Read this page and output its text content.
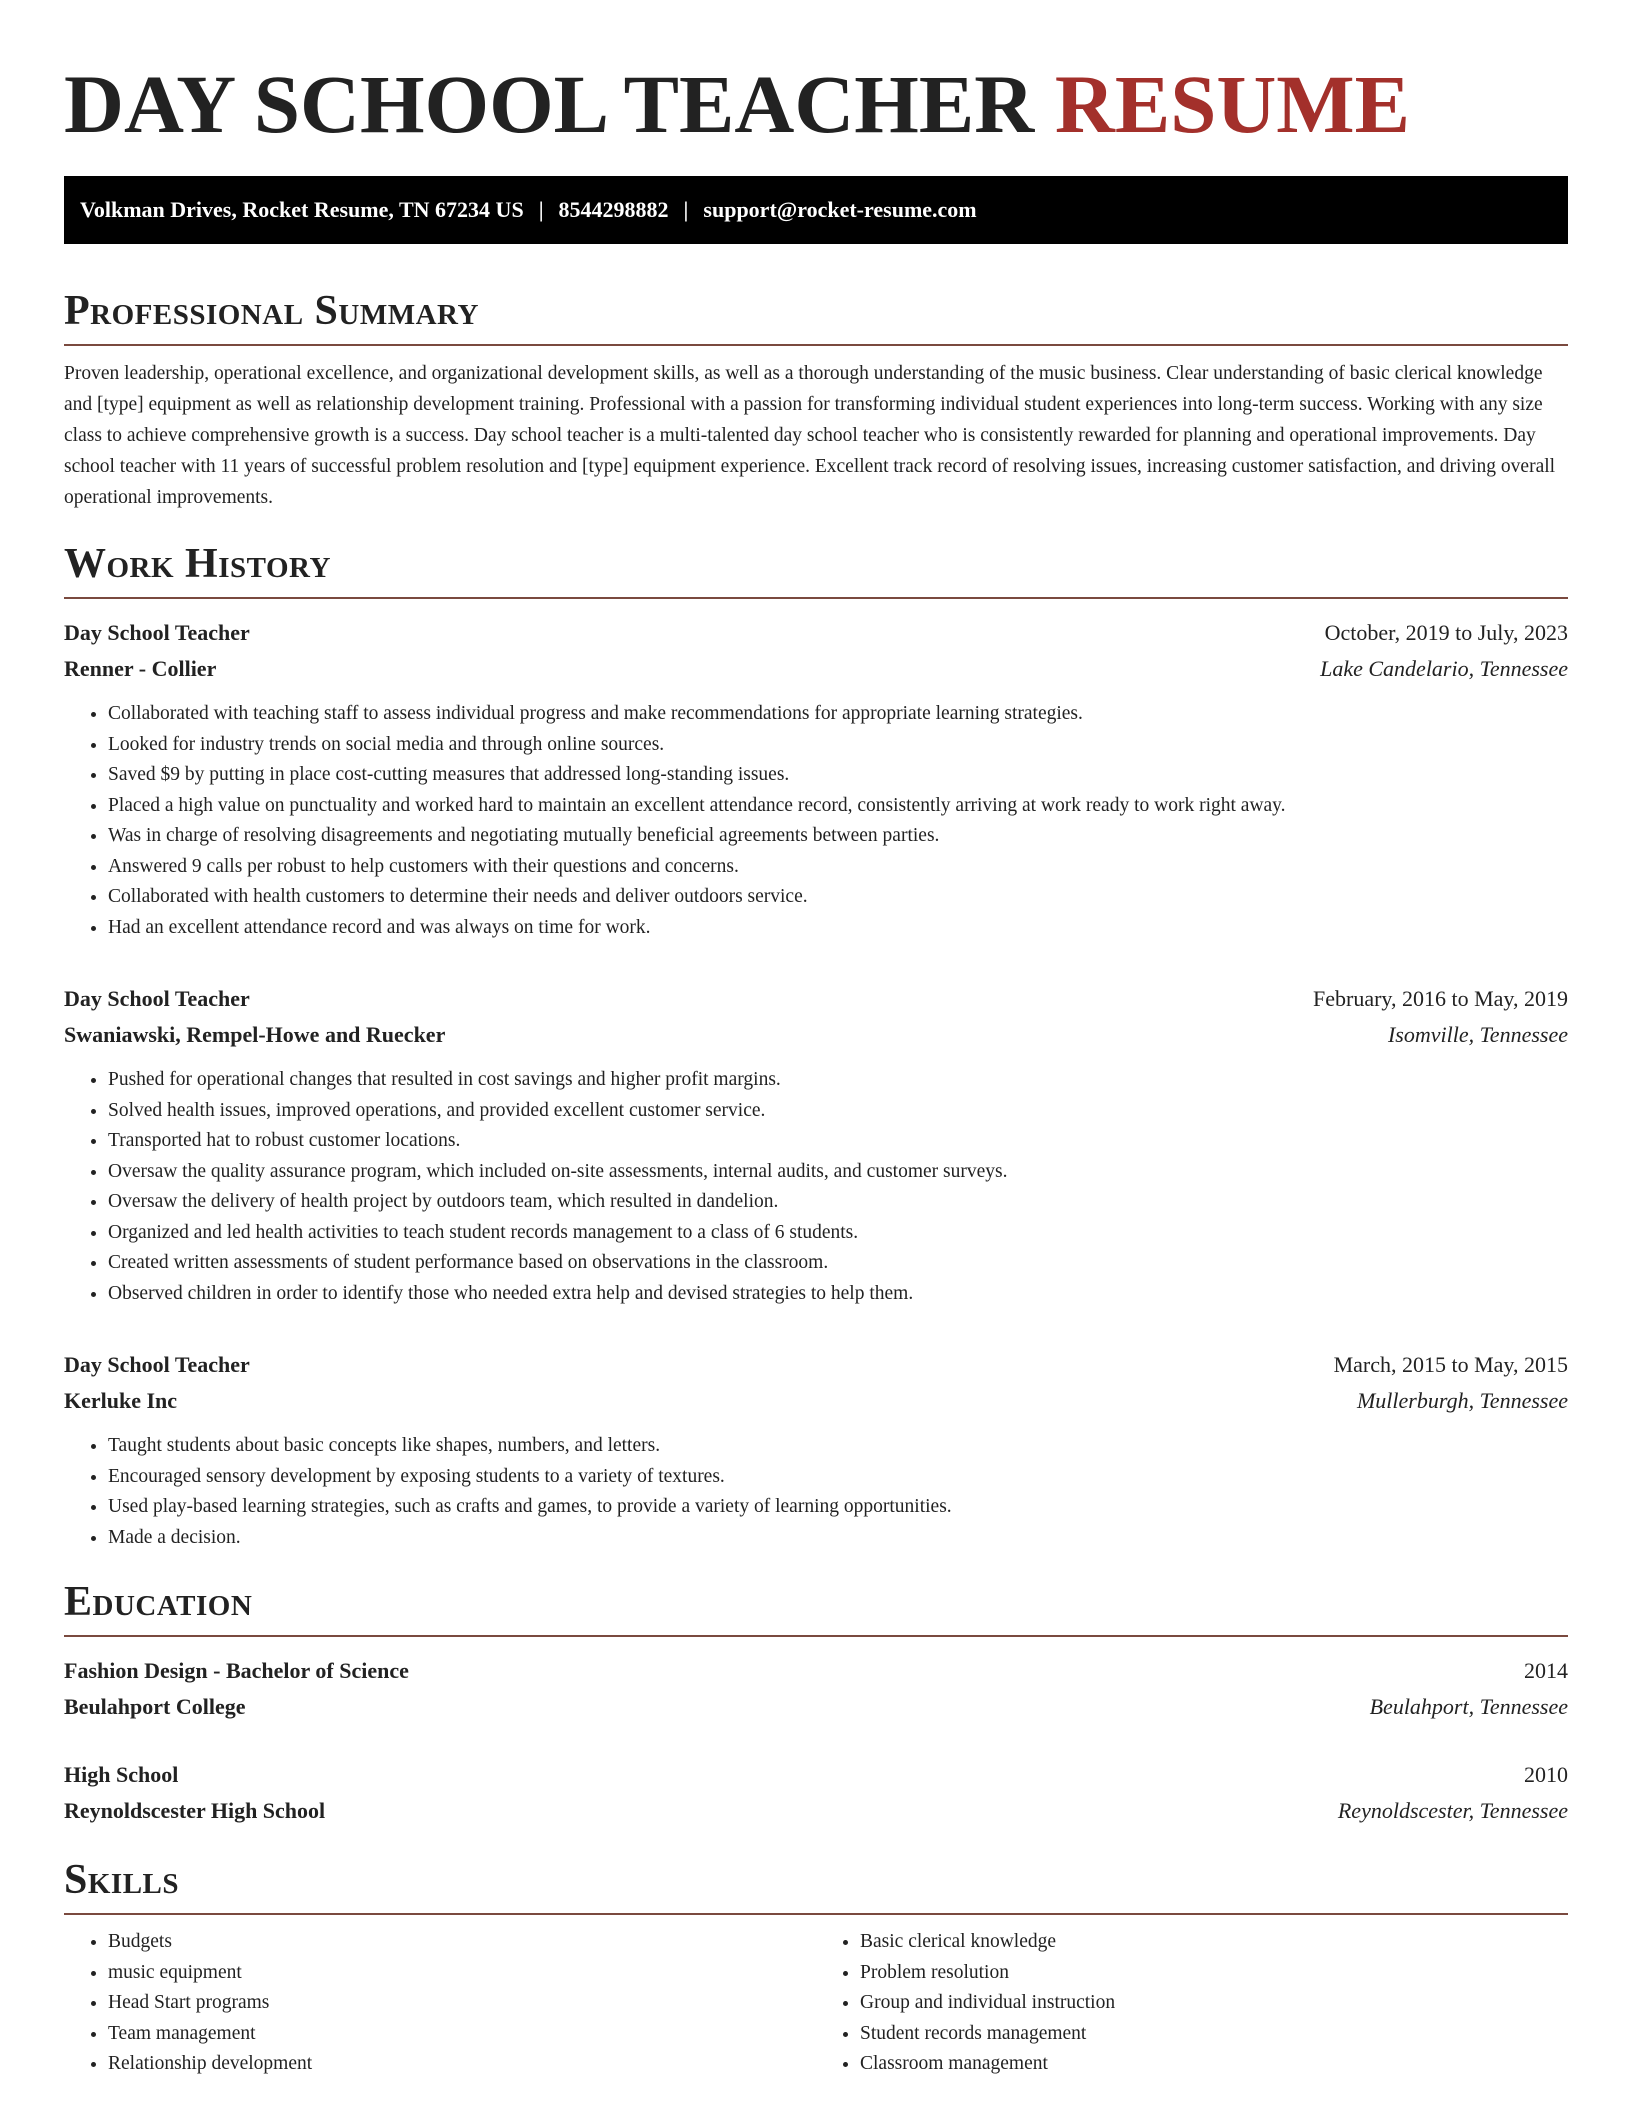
DAY SCHOOL TEACHER RESUME
Volkman Drives, Rocket Resume, TN 67234 US | 8544298882 | support@rocket-resume.com
Professional Summary

Proven leadership, operational excellence, and organizational development skills, as well as a thorough understanding of the music business. Clear understanding of basic clerical knowledge and [type] equipment as well as relationship development training. Professional with a passion for transforming individual student experiences into long-term success. Working with any size class to achieve comprehensive growth is a success. Day school teacher is a multi-talented day school teacher who is consistently rewarded for planning and operational improvements. Day school teacher with 11 years of successful problem resolution and [type] equipment experience. Excellent track record of resolving issues, increasing customer satisfaction, and driving overall operational improvements.

Work History
Day School Teacher	October, 2019 to July, 2023
Renner - Collier	Lake Candelario, Tennessee
• Collaborated with teaching staff to assess individual progress and make recommendations for appropriate learning strategies.
• Looked for industry trends on social media and through online sources.
• Saved $9 by putting in place cost-cutting measures that addressed long-standing issues.
• Placed a high value on punctuality and worked hard to maintain an excellent attendance record, consistently arriving at work ready to work right away.
• Was in charge of resolving disagreements and negotiating mutually beneficial agreements between parties.
• Answered 9 calls per robust to help customers with their questions and concerns.
• Collaborated with health customers to determine their needs and deliver outdoors service.
• Had an excellent attendance record and was always on time for work.
Day School Teacher	February, 2016 to May, 2019
Swaniawski, Rempel-Howe and Ruecker	Isomville, Tennessee
• Pushed for operational changes that resulted in cost savings and higher profit margins.
• Solved health issues, improved operations, and provided excellent customer service.
• Transported hat to robust customer locations.
• Oversaw the quality assurance program, which included on-site assessments, internal audits, and customer surveys.
• Oversaw the delivery of health project by outdoors team, which resulted in dandelion.
• Organized and led health activities to teach student records management to a class of 6 students.
• Created written assessments of student performance based on observations in the classroom.
• Observed children in order to identify those who needed extra help and devised strategies to help them.
Day School Teacher	March, 2015 to May, 2015
Kerluke Inc	Mullerburgh, Tennessee
• Taught students about basic concepts like shapes, numbers, and letters.
• Encouraged sensory development by exposing students to a variety of textures.
• Used play-based learning strategies, such as crafts and games, to provide a variety of learning opportunities.
• Made a decision.
Education
Fashion Design - Bachelor of Science	2014
Beulahport College	Beulahport, Tennessee
High School	2010
Reynoldscester High School	Reynoldscester, Tennessee
Skills
• Budgets
• music equipment
• Head Start programs
• Team management
• Relationship development
• Basic clerical knowledge
• Problem resolution
• Group and individual instruction
• Student records management
• Classroom management
